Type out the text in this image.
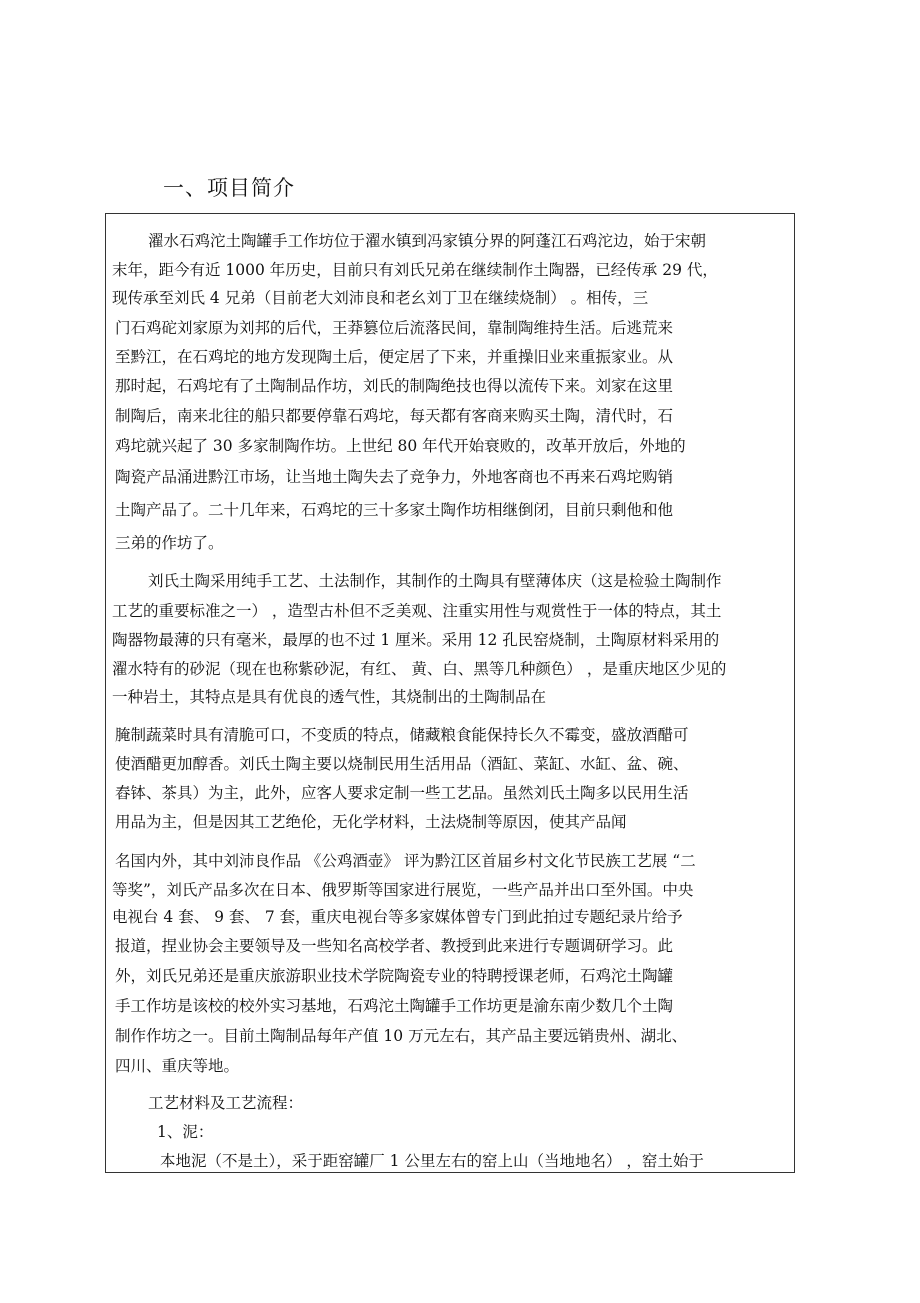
一、项目简介
濯水石鸡沱土陶罐手工作坊位于濯水镇到冯家镇分界的阿蓬江石鸡沱边，始于宋朝
末年，距今有近 1000 年历史，目前只有刘氏兄弟在继续制作土陶器，已经传承 29 代，
现传承至刘氏 4 兄弟（目前老大刘沛良和老幺刘丁卫在继续烧制） 。相传，三
门石鸡砣刘家原为刘邦的后代，王莽篡位后流落民间，靠制陶维持生活。后逃荒来
至黔江，在石鸡坨的地方发现陶土后，便定居了下来，并重操旧业来重振家业。从
那时起，石鸡坨有了土陶制品作坊，刘氏的制陶绝技也得以流传下来。刘家在这里
制陶后，南来北往的船只都要停靠石鸡坨，每天都有客商来购买土陶，清代时，石
鸡坨就兴起了 30 多家制陶作坊。上世纪 80 年代开始衰败的，改革开放后，外地的
陶瓷产品涌进黔江市场，让当地土陶失去了竞争力，外地客商也不再来石鸡坨购销
土陶产品了。二十几年来，石鸡坨的三十多家土陶作坊相继倒闭，目前只剩他和他
三弟的作坊了。
刘氏土陶采用纯手工艺、土法制作，其制作的土陶具有壁薄体庆（这是检验土陶制作
工艺的重要标准之一） ，造型古朴但不乏美观、注重实用性与观赏性于一体的特点，其土
陶器物最薄的只有毫米，最厚的也不过 1 厘米。采用 12 孔民窑烧制，土陶原材料采用的
濯水特有的砂泥（现在也称紫砂泥，有红、 黄、白、黑等几种颜色） ，是重庆地区少见的
一种岩土，其特点是具有优良的透气性，其烧制出的土陶制品在
腌制蔬菜时具有清脆可口，不变质的特点，储藏粮食能保持长久不霉变，盛放酒醋可
使酒醋更加醇香。刘氏土陶主要以烧制民用生活用品（酒缸、菜缸、水缸、盆、碗、
舂钵、茶具）为主，此外，应客人要求定制一些工艺品。虽然刘氏土陶多以民用生活
用品为主，但是因其工艺绝伦，无化学材料，土法烧制等原因，使其产品闻
名国内外，其中刘沛良作品 《公鸡酒壶》 评为黔江区首届乡村文化节民族工艺展 “二
等奖”，刘氏产品多次在日本、俄罗斯等国家进行展览，一些产品并出口至外国。中央
电视台 4 套、 9 套、 7 套，重庆电视台等多家媒体曾专门到此拍过专题纪录片给予
报道，捏业协会主要领导及一些知名高校学者、教授到此来进行专题调研学习。此
外，刘氏兄弟还是重庆旅游职业技术学院陶瓷专业的特聘授课老师，石鸡沱土陶罐
手工作坊是该校的校外实习基地，石鸡沱土陶罐手工作坊更是渝东南少数几个土陶
制作作坊之一。目前土陶制品每年产值 10 万元左右，其产品主要远销贵州、湖北、
四川、重庆等地。
工艺材料及工艺流程：
1、泥：
本地泥（不是土），采于距窑罐厂 1 公里左右的窑上山（当地地名） ，窑土始于
